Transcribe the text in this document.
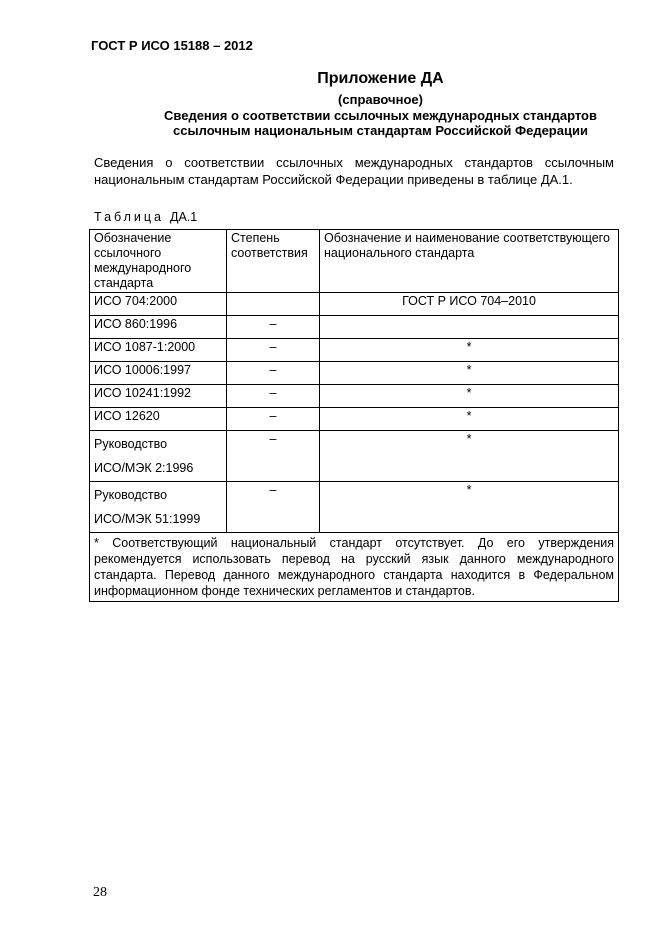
ГОСТ Р ИСО 15188 – 2012
Приложение ДА
(справочное)
Сведения о соответствии ссылочных международных стандартов
ссылочным национальным стандартам Российской Федерации
Сведения о соответствии ссылочных международных стандартов ссылочным национальным стандартам Российской Федерации приведены в таблице ДА.1.
Таблица ДА.1
Обозначение ссылочного международного стандарта	Степень соответствия	Обозначение и наименование соответствующего национального стандарта
ИСО 704:2000		ГОСТ Р ИСО 704–2010
ИСО 860:1996	–	
ИСО 1087-1:2000	–	*
ИСО 10006:1997	–	*
ИСО 10241:1992	–	*
ИСО 12620	–	*

Руководство
ИСО/МЭК 2:1996	–	*

Руководство
ИСО/МЭК 51:1999	–	*
* Соответствующий национальный стандарт отсутствует. До его утверждения рекомендуется использовать перевод на русский язык данного международного стандарта. Перевод данного международного стандарта находится в Федеральном информационном фонде технических регламентов и стандартов.		
28
